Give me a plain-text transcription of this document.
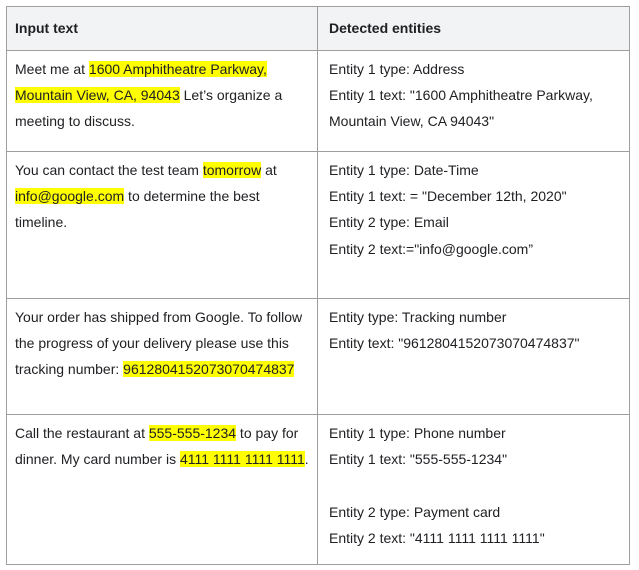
Input text	Detected entities
Meet me at 1600 Amphitheatre Parkway, Mountain View, CA, 94043 Let’s organize a meeting to discuss.	Entity 1 type: Address
Entity 1 text: "1600 Amphitheatre Parkway, Mountain View, CA 94043"

You can contact the test team tomorrow at info@google.com to determine the best timeline.	Entity 1 type: Date-Time
Entity 1 text: = "December 12th, 2020"
Entity 2 type: Email
Entity 2 text:="info@google.com”

Your order has shipped from Google. To follow the progress of your delivery please use this tracking number: 9612804152073070474837	Entity type: Tracking number
Entity text: "9612804152073070474837"

Call the restaurant at 555-555-1234 to pay for dinner. My card number is 4111 1111 1111 1111.	Entity 1 type: Phone number
Entity 1 text: "555-555-1234"
Entity 2 type: Payment card
Entity 2 text: "4111 1111 1111 1111"
